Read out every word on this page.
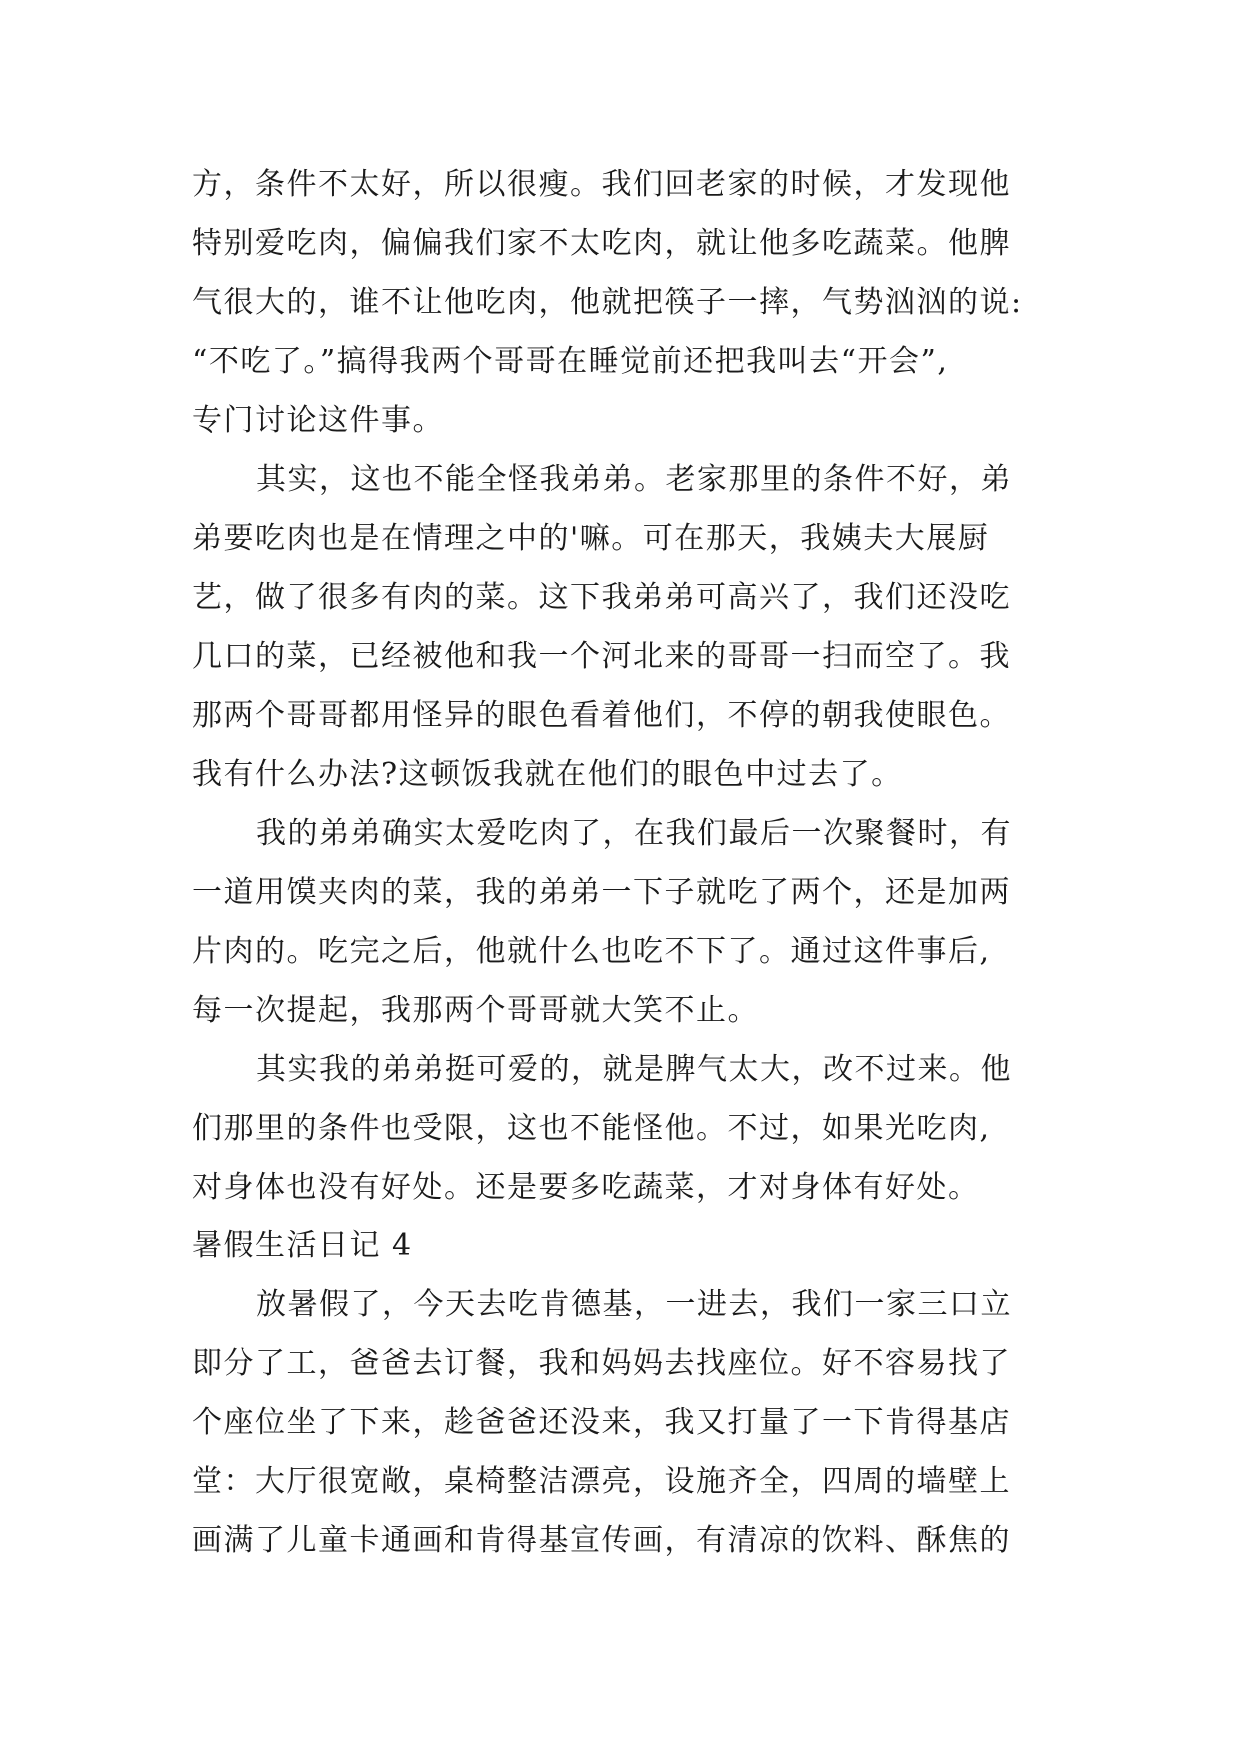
方，条件不太好，所以很瘦。我们回老家的时候，才发现他
特别爱吃肉，偏偏我们家不太吃肉，就让他多吃蔬菜。他脾
气很大的，谁不让他吃肉，他就把筷子一摔，气势汹汹的说:
“不吃了。”搞得我两个哥哥在睡觉前还把我叫去“开会”,
专门讨论这件事。
其实，这也不能全怪我弟弟。老家那里的条件不好，弟
弟要吃肉也是在情理之中的'嘛。可在那天，我姨夫大展厨
艺，做了很多有肉的菜。这下我弟弟可高兴了，我们还没吃
几口的菜，已经被他和我一个河北来的哥哥一扫而空了。我
那两个哥哥都用怪异的眼色看着他们，不停的朝我使眼色。
我有什么办法?这顿饭我就在他们的眼色中过去了。
我的弟弟确实太爱吃肉了，在我们最后一次聚餐时，有
一道用馍夹肉的菜，我的弟弟一下子就吃了两个，还是加两
片肉的。吃完之后，他就什么也吃不下了。通过这件事后,
每一次提起，我那两个哥哥就大笑不止。
其实我的弟弟挺可爱的，就是脾气太大，改不过来。他
们那里的条件也受限，这也不能怪他。不过，如果光吃肉,
对身体也没有好处。还是要多吃蔬菜，才对身体有好处。
暑假生活日记 4
放暑假了，今天去吃肯德基，一进去，我们一家三口立
即分了工，爸爸去订餐，我和妈妈去找座位。好不容易找了
个座位坐了下来，趁爸爸还没来，我又打量了一下肯得基店
堂：大厅很宽敞，桌椅整洁漂亮，设施齐全，四周的墙壁上
画满了儿童卡通画和肯得基宣传画，有清凉的饮料、酥焦的
